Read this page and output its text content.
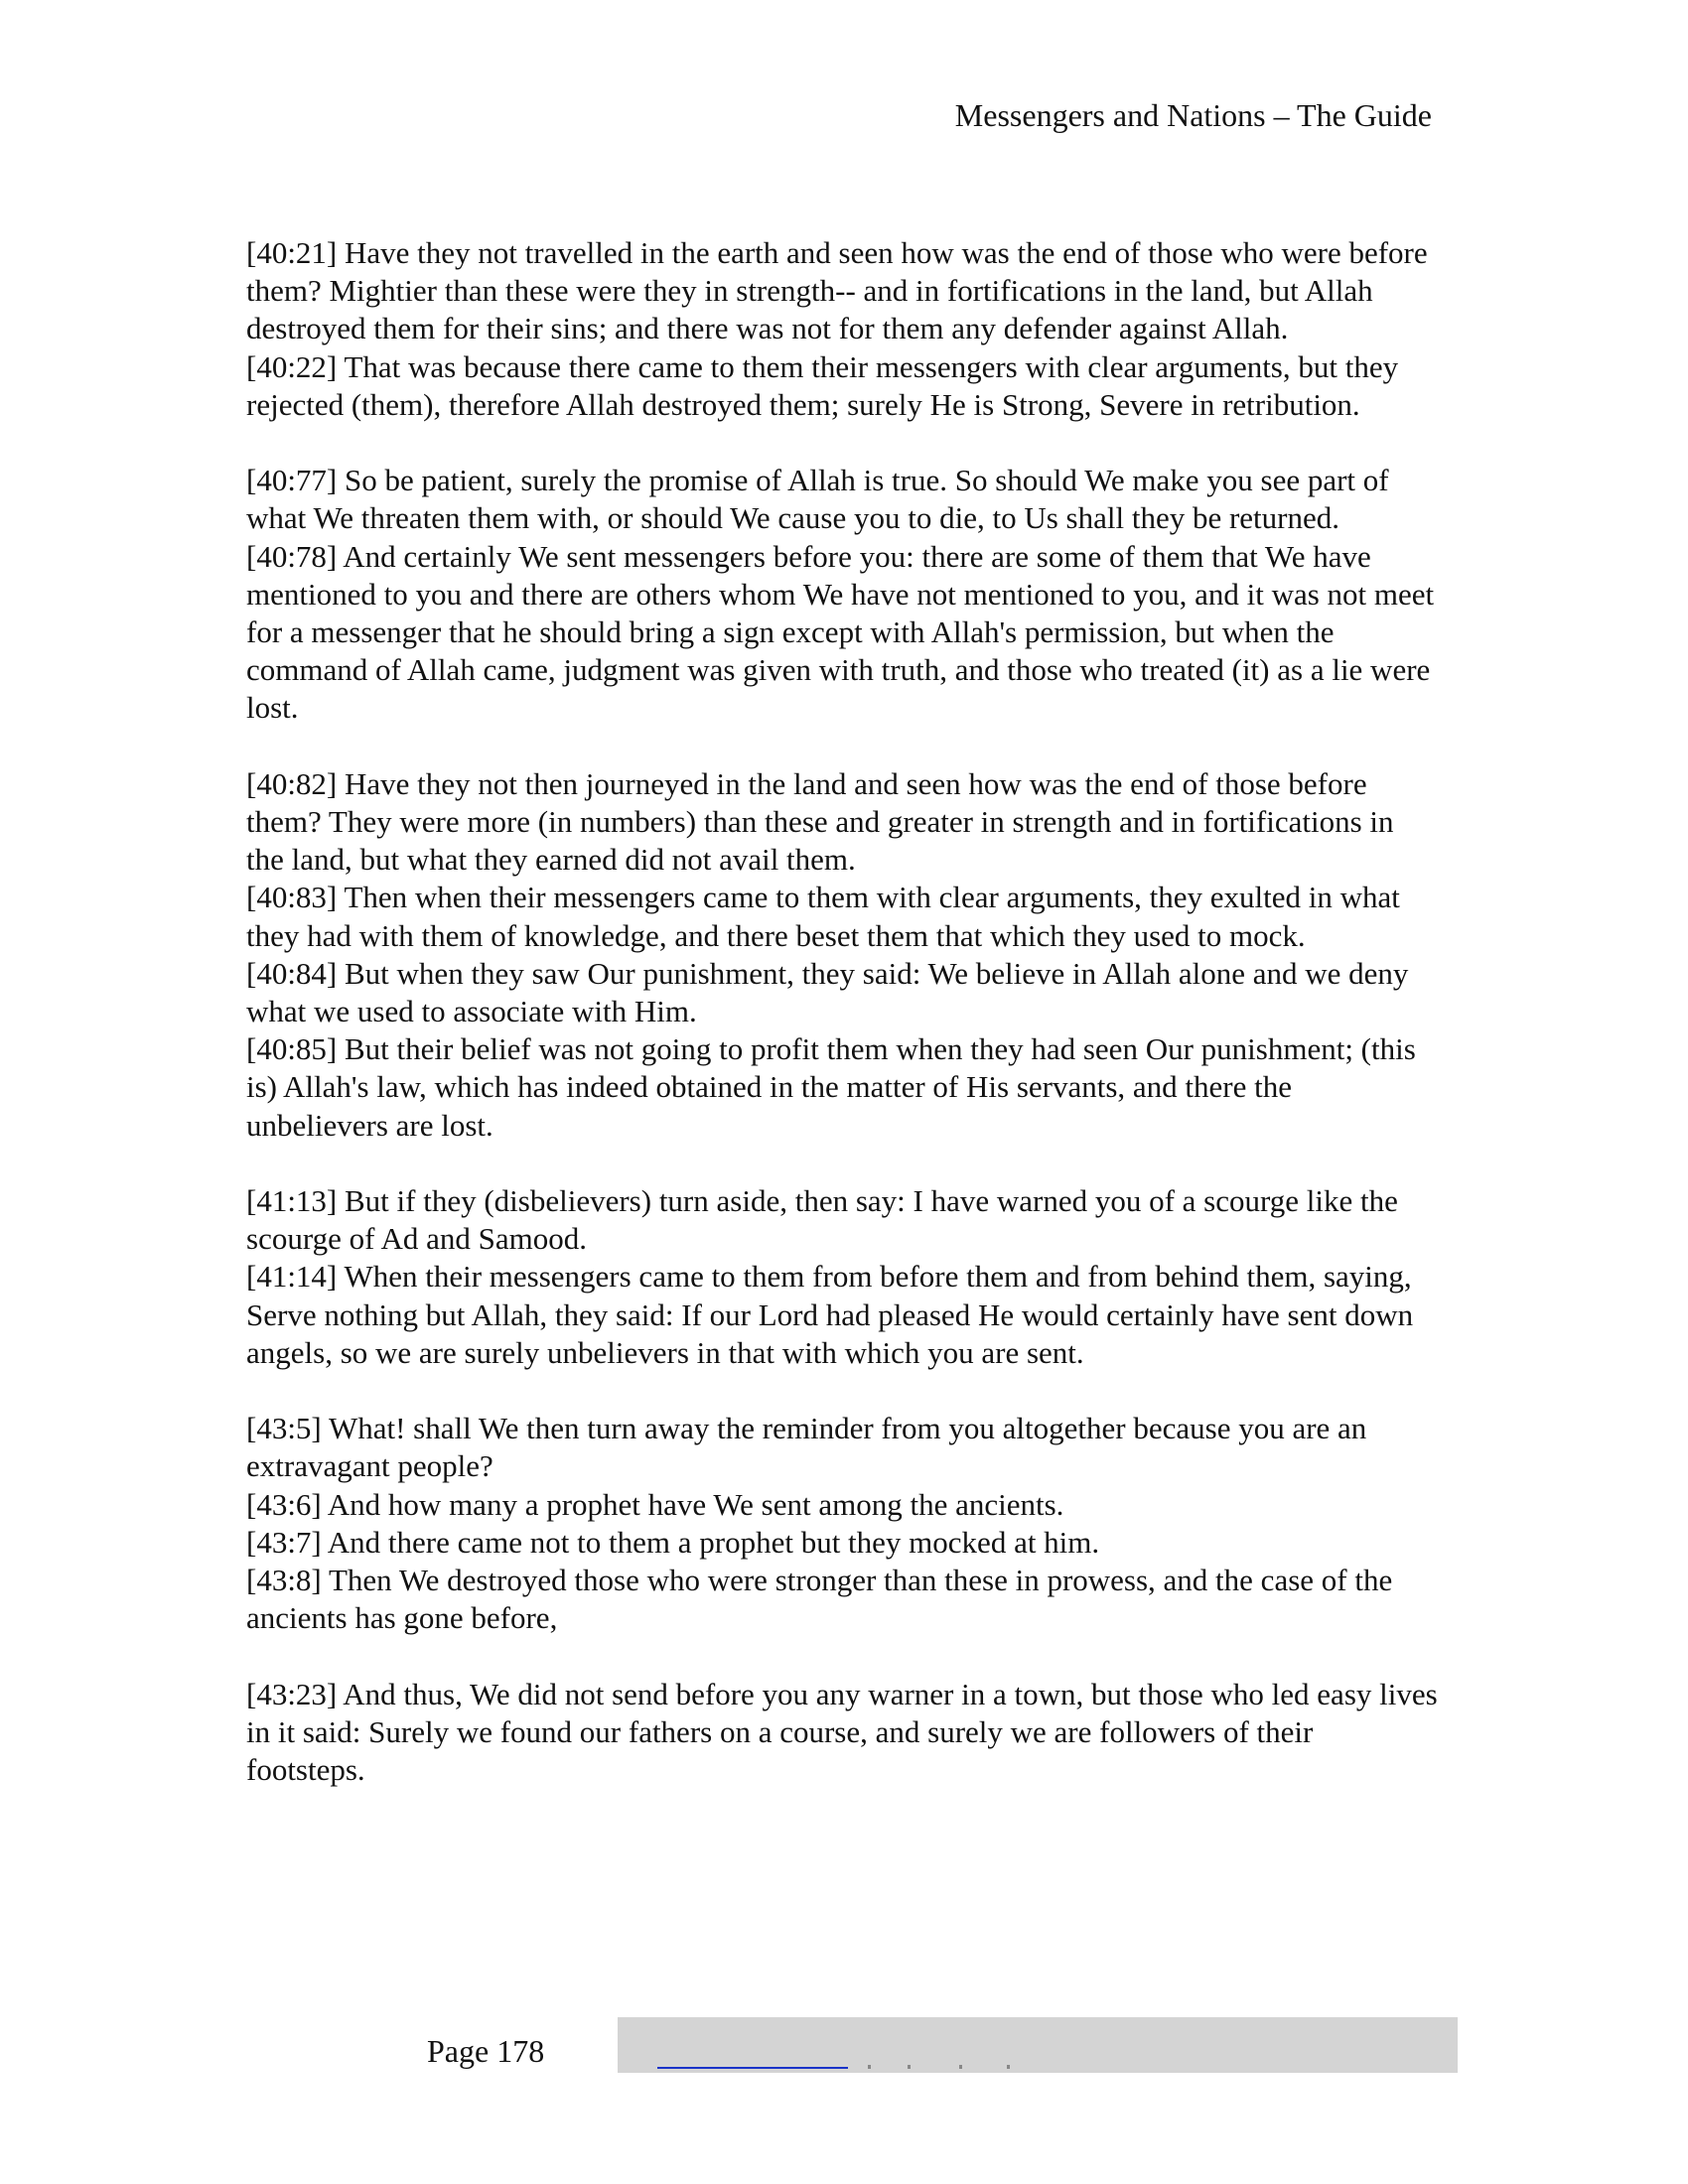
Messengers and Nations – The Guide

[40:21] Have they not travelled in the earth and seen how was the end of those who were before them? Mightier than these were they in strength-- and in fortifications in the land, but Allah destroyed them for their sins; and there was not for them any defender against Allah.
[40:22] That was because there came to them their messengers with clear arguments, but they rejected (them), therefore Allah destroyed them; surely He is Strong, Severe in retribution.

[40:77] So be patient, surely the promise of Allah is true. So should We make you see part of what We threaten them with, or should We cause you to die, to Us shall they be returned.
[40:78] And certainly We sent messengers before you: there are some of them that We have mentioned to you and there are others whom We have not mentioned to you, and it was not meet for a messenger that he should bring a sign except with Allah's permission, but when the command of Allah came, judgment was given with truth, and those who treated (it) as a lie were lost.

[40:82] Have they not then journeyed in the land and seen how was the end of those before them? They were more (in numbers) than these and greater in strength and in fortifications in the land, but what they earned did not avail them.
[40:83] Then when their messengers came to them with clear arguments, they exulted in what they had with them of knowledge, and there beset them that which they used to mock.
[40:84] But when they saw Our punishment, they said: We believe in Allah alone and we deny what we used to associate with Him.
[40:85] But their belief was not going to profit them when they had seen Our punishment; (this is) Allah's law, which has indeed obtained in the matter of His servants, and there the unbelievers are lost.

[41:13] But if they (disbelievers) turn aside, then say: I have warned you of a scourge like the scourge of Ad and Samood.
[41:14] When their messengers came to them from before them and from behind them, saying, Serve nothing but Allah, they said: If our Lord had pleased He would certainly have sent down angels, so we are surely unbelievers in that with which you are sent.

[43:5] What! shall We then turn away the reminder from you altogether because you are an extravagant people?
[43:6] And how many a prophet have We sent among the ancients.
[43:7] And there came not to them a prophet but they mocked at him.
[43:8] Then We destroyed those who were stronger than these in prowess, and the case of the ancients has gone before,

[43:23] And thus, We did not send before you any warner in a town, but those who led easy lives in it said: Surely we found our fathers on a course, and surely we are followers of their footsteps.

Page 178
